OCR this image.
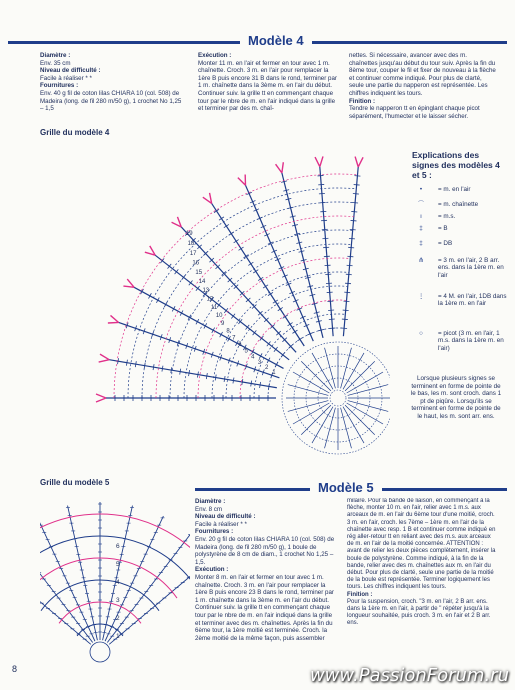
Modèle 4
Diamètre :
Env. 35 cm
Niveau de difficulté :
Facile à réaliser * *
Fournitures :
Env. 40 g fil de coton lilas CHIARA 10 (col. 508) de Madeira (long. de fil 280 m/50 g), 1 crochet No 1,25 – 1,5
Exécution :
Monter 11 m. en l'air et fermer en tour avec 1 m. chaînette. Croch. 3 m. en l'air pour remplacer la 1ère B puis encore 31 B dans le rond, terminer par 1 m. chaînette dans la 3ème m. en l'air du début. Continuer suiv. la grille tt en commençant chaque tour par le nbre de m. en l'air indiqué dans la grille et terminer par des m. chaî-
nettes. Si nécessaire, avancer avec des m. chaînettes jusqu'au début du tour suiv. Après la fin du 8ème tour, couper le fil et fixer de nouveau à la flèche et continuer comme indiqué. Pour plus de clarté, seule une partie du napperon est représentée. Les chiffres indiquent les tours.
Finition :
Tendre le napperon tt en épinglant chaque picot séparément, l'humecter et le laisser sécher.
Grille du modèle 4
1
2
3
4
5
6
7
8
9
10
11
12
13
14
15
16
17
18
19
Explications des signes des modèles 4 et 5 :
•	= m. en l'air
⌒	= m. chaînette
ı	= m.s.
‡	= B
‡	= DB
⋔	= 3 m. en l'air, 2 B arr. ens. dans la 1ère m. en l'air
⋮	= 4 M. en l'air, 1DB dans la 1ère m. en l'air
○	= picot (3 m. en l'air, 1 m.s. dans la 1ère m. en l'air)
Lorsque plusieurs signes se terminent en forme de pointe de le bas, les m. sont croch. dans 1 pt de piqûre. Lorsqu'ils se terminent en forme de pointe de le haut, les m. sont arr. ens.
Modèle 5
Grille du modèle 5
1
2
3
4
5
6
Diamètre :
Env. 8 cm
Niveau de difficulté :
Facile à réaliser * *
Fournitures :
Env. 20 g fil de coton lilas CHIARA 10 (col. 508) de Madeira (long. de fil 280 m/50 g), 1 boule de polystyrène de 8 cm de diam., 1 crochet No 1,25 – 1,5.
Exécution :
Monter 8 m. en l'air et fermer en tour avec 1 m. chaînette. Croch. 3 m. en l'air pour remplacer la 1ère B puis encore 23 B dans le rond, terminer par 1 m. chaînette dans la 3ème m. en l'air du début. Continuer suiv. la grille tt en commençant chaque tour par le nbre de m. en l'air indiqué dans la grille et terminer avec des m. chaînettes. Après la fin du 6ème tour, la 1ère moitié est terminée. Croch. la 2ème moitié de la même façon, puis assembler
milaire. Pour la bande de liaison, en commençant à la flèche, monter 10 m. en l'air, relier avec 1 m.s. aux arceaux de m. en l'air du 6ème tour d'une moitié, croch. 3 m. en l'air, croch. les 7ème – 1ère m. en l'air de la chaînette avec resp. 1 B et continuer comme indiqué en rég aller-retour tt en reliant avec des m.s. aux arceaux de m. en l'air de la moitié concernée. ATTENTION : avant de relier les deux pièces complètement, insérer la boule de polystyrène. Comme indiqué, à la fin de la bande, relier avec des m. chaînettes aux m. en l'air du début. Pour plus de clarté, seule une partie de la moitié de la boule est représentée. Terminer logiquement les tours. Les chiffres indiquent les tours.
Finition :
Pour la suspension, croch. "3 m. en l'air, 2 B arr. ens. dans la 1ère m. en l'air, à partir de " répéter jusqu'à la longueur souhaitée, puis croch. 3 m. en l'air et 2 B arr. ens.
8	www.PassionForum.ru
